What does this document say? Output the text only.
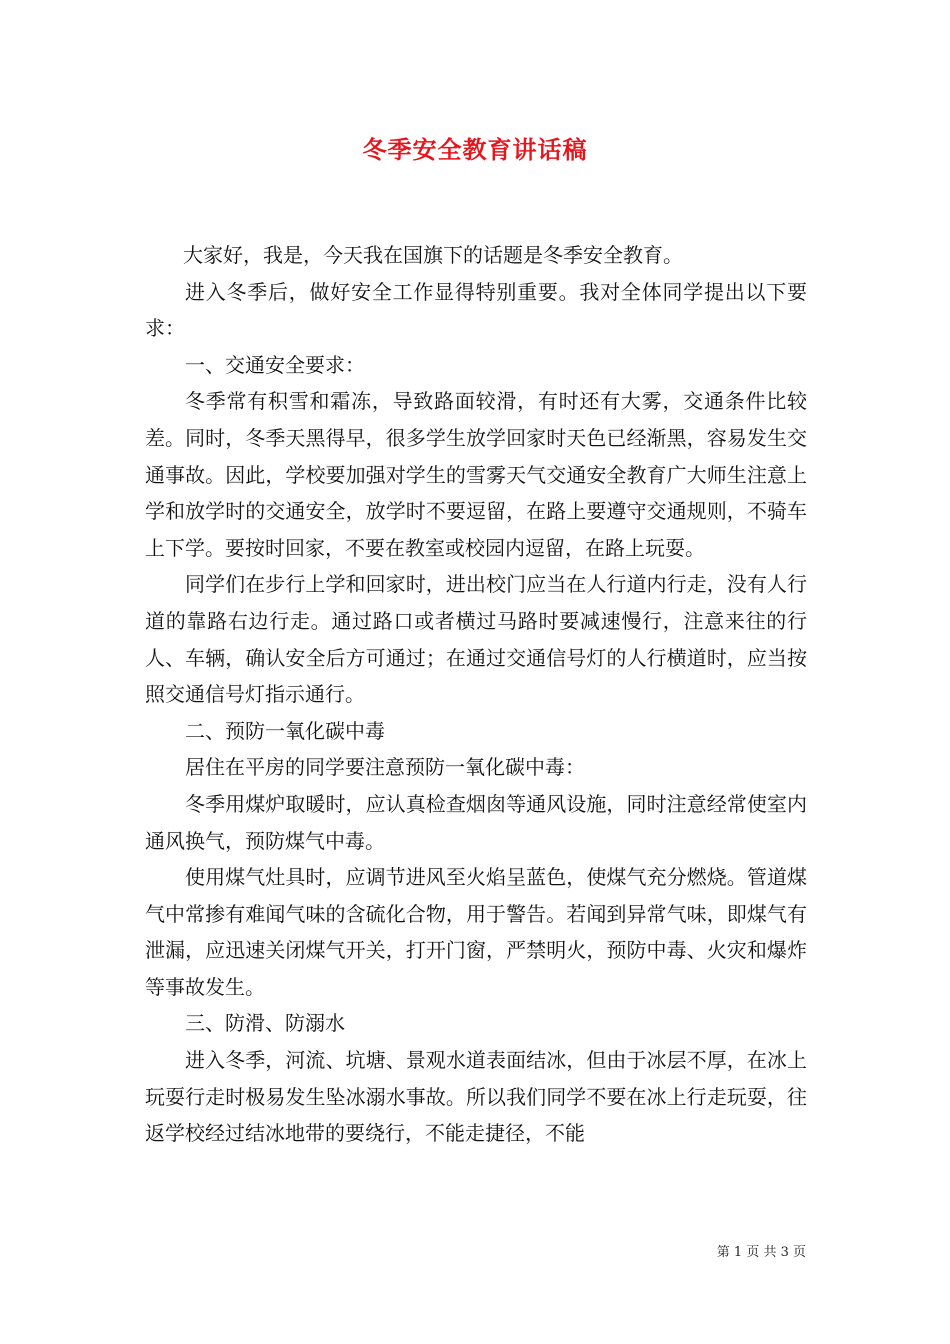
冬季安全教育讲话稿

大家好，我是，今天我在国旗下的话题是冬季安全教育。

进入冬季后，做好安全工作显得特别重要。我对全体同学提出以下要求：

一、交通安全要求：

冬季常有积雪和霜冻，导致路面较滑，有时还有大雾，交通条件比较差。同时，冬季天黑得早，很多学生放学回家时天色已经渐黑，容易发生交通事故。因此，学校要加强对学生的雪雾天气交通安全教育广大师生注意上学和放学时的交通安全，放学时不要逗留，在路上要遵守交通规则，不骑车上下学。要按时回家，不要在教室或校园内逗留，在路上玩耍。

同学们在步行上学和回家时，进出校门应当在人行道内行走，没有人行道的靠路右边行走。通过路口或者横过马路时要减速慢行，注意来往的行人、车辆，确认安全后方可通过；在通过交通信号灯的人行横道时，应当按照交通信号灯指示通行。

二、预防一氧化碳中毒

居住在平房的同学要注意预防一氧化碳中毒：

冬季用煤炉取暖时，应认真检查烟囱等通风设施，同时注意经常使室内通风换气，预防煤气中毒。

使用煤气灶具时，应调节进风至火焰呈蓝色，使煤气充分燃烧。管道煤气中常掺有难闻气味的含硫化合物，用于警告。若闻到异常气味，即煤气有泄漏，应迅速关闭煤气开关，打开门窗，严禁明火，预防中毒、火灾和爆炸等事故发生。

三、防滑、防溺水

进入冬季，河流、坑塘、景观水道表面结冰，但由于冰层不厚，在冰上玩耍行走时极易发生坠冰溺水事故。所以我们同学不要在冰上行走玩耍，往返学校经过结冰地带的要绕行，不能走捷径，不能

第 1 页 共 3 页
